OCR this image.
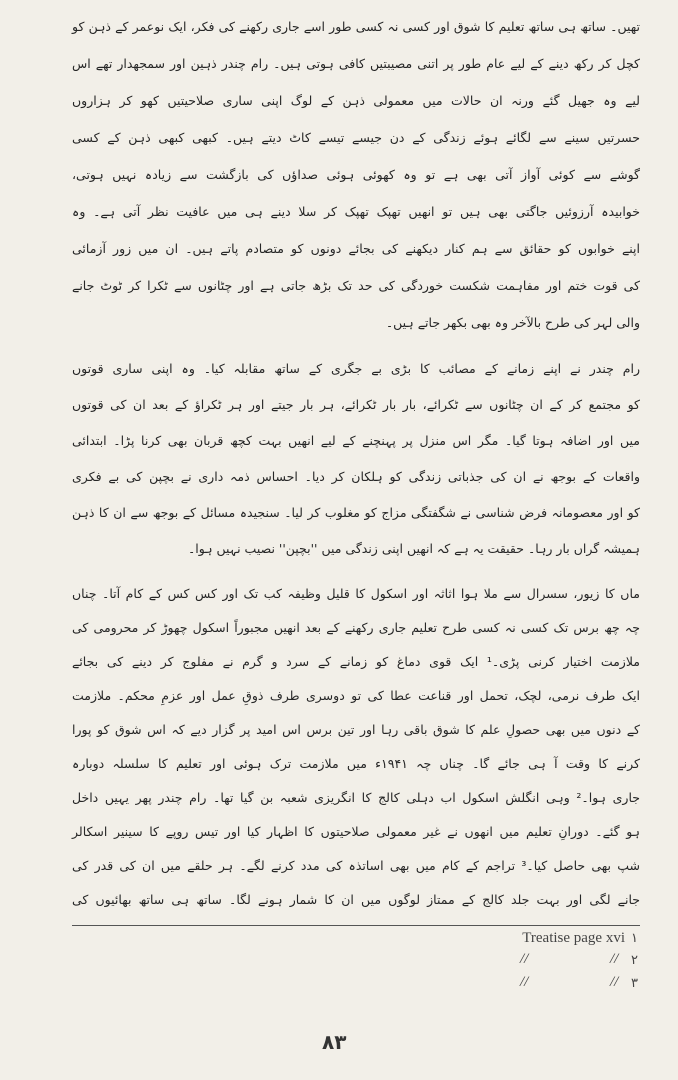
تھیں۔ ساتھ ہی ساتھ تعلیم کا شوق اور کسی نہ کسی طور اسے جاری رکھنے کی فکر، ایک نوعمر کے ذہن کو
کچل کر رکھ دینے کے لیے عام طور پر اتنی مصیبتیں کافی ہوتی ہیں۔ رام چندر ذہین اور سمجھدار تھے اس
لیے وہ جھیل گئے ورنہ ان حالات میں معمولی ذہن کے لوگ اپنی ساری صلاحیتیں کھو کر ہزاروں
حسرتیں سینے سے لگائے ہوئے زندگی کے دن جیسے تیسے کاٹ دیتے ہیں۔ کبھی کبھی ذہن کے کسی
گوشے سے کوئی آواز آتی بھی ہے تو وہ کھوئی ہوئی صداؤں کی بازگشت سے زیادہ نہیں ہوتی،
خوابیدہ آرزوئیں جاگتی بھی ہیں تو انھیں تھپک تھپک کر سلا دینے ہی میں عافیت نظر آتی ہے۔ وہ
اپنے خوابوں کو حقائق سے ہم کنار دیکھنے کی بجائے دونوں کو متصادم پاتے ہیں۔ ان میں زور آزمائی
کی قوت ختم اور مفاہمت شکست خوردگی کی حد تک بڑھ جاتی ہے اور چٹانوں سے ٹکرا کر ٹوٹ جانے
والی لہر کی طرح بالآخر وہ بھی بکھر جاتے ہیں۔
رام چندر نے اپنے زمانے کے مصائب کا بڑی بے جگری کے ساتھ مقابلہ کیا۔ وہ اپنی ساری قوتوں
کو مجتمع کر کے ان چٹانوں سے ٹکرائے، بار بار ٹکرائے، ہر بار جیتے اور ہر ٹکراؤ کے بعد ان کی قوتوں
میں اور اضافہ ہوتا گیا۔ مگر اس منزل پر پہنچنے کے لیے انھیں بہت کچھ قربان بھی کرنا پڑا۔ ابتدائی
واقعات کے بوجھ نے ان کی جذباتی زندگی کو ہلکان کر دیا۔ احساس ذمہ داری نے بچپن کی بے فکری
کو اور معصومانہ فرض شناسی نے شگفتگی مزاج کو مغلوب کر لیا۔ سنجیدہ مسائل کے بوجھ سے ان کا ذہن
ہمیشہ گراں بار رہا۔ حقیقت یہ ہے کہ انھیں اپنی زندگی میں ''بچپن'' نصیب نہیں ہوا۔
ماں کا زیور، سسرال سے ملا ہوا اثاثہ اور اسکول کا قلیل وظیفہ کب تک اور کس کس کے کام آتا۔ چناں
چہ چھ برس تک کسی نہ کسی طرح تعلیم جاری رکھنے کے بعد انھیں مجبوراً اسکول چھوڑ کر محرومی کی
ملازمت اختیار کرنی پڑی۔¹ ایک قوی دماغ کو زمانے کے سرد و گرم نے مفلوج کر دینے کی بجائے
ایک طرف نرمی، لچک، تحمل اور قناعت عطا کی تو دوسری طرف ذوقِ عمل اور عزمِ محکم۔ ملازمت
کے دنوں میں بھی حصولِ علم کا شوق باقی رہا اور تین برس اس امید پر گزار دیے کہ اس شوق کو پورا
کرنے کا وقت آ ہی جائے گا۔ چناں چہ ۱۹۴۱ء میں ملازمت ترک ہوئی اور تعلیم کا سلسلہ دوبارہ
جاری ہوا۔² وہی انگلش اسکول اب دہلی کالج کا انگریزی شعبہ بن گیا تھا۔ رام چندر پھر یہیں داخل
ہو گئے۔ دورانِ تعلیم میں انھوں نے غیر معمولی صلاحیتوں کا اظہار کیا اور تیس روپے کا سینیر اسکالر
شپ بھی حاصل کیا۔³ تراجم کے کام میں بھی اساتذہ کی مدد کرنے لگے۔ ہر حلقے میں ان کی قدر کی
جانے لگی اور بہت جلد کالج کے ممتاز لوگوں میں ان کا شمار ہونے لگا۔ ساتھ ہی ساتھ بھائیوں کی
Treatise page xvi ۱
۲
//
//
۳
//
//
۸۳
